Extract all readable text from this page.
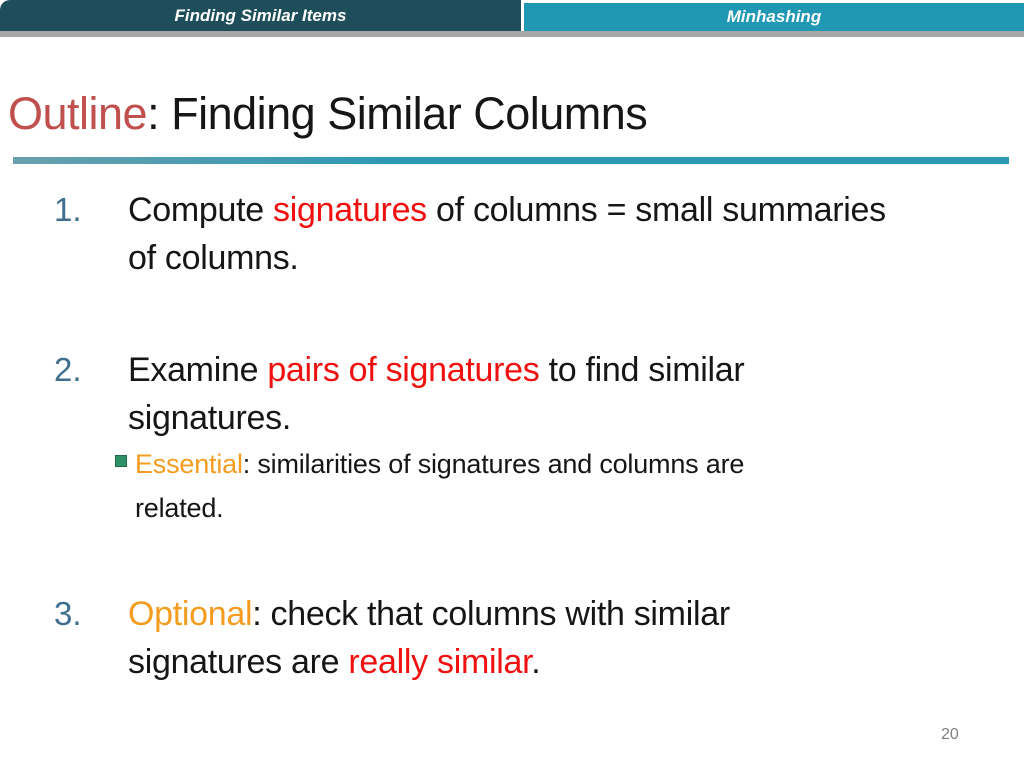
Finding Similar Items	Minhashing
Outline: Finding Similar Columns
1. Compute signatures of columns = small summaries
of columns.
2. Examine pairs of signatures to find similar
signatures.
Essential: similarities of signatures and columns are
related.
3. Optional: check that columns with similar
signatures are really similar.
20
